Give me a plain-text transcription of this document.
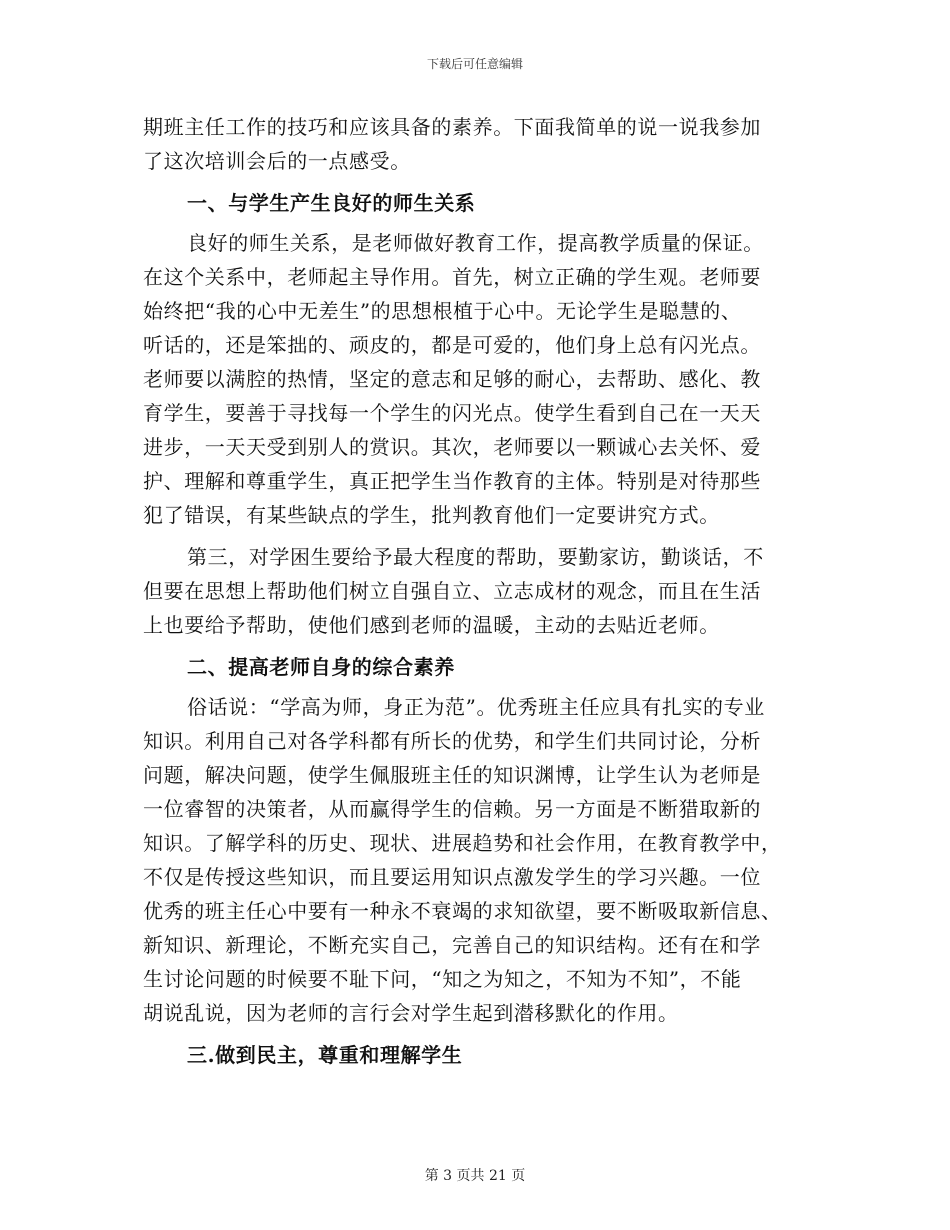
下载后可任意编辑
期班主任工作的技巧和应该具备的素养。下面我简单的说一说我参加
了这次培训会后的一点感受。
一、与学生产生良好的师生关系
良好的师生关系，是老师做好教育工作，提高教学质量的保证。
在这个关系中，老师起主导作用。首先，树立正确的学生观。老师要
始终把“我的心中无差生”的思想根植于心中。无论学生是聪慧的、
听话的，还是笨拙的、顽皮的，都是可爱的，他们身上总有闪光点。
老师要以满腔的热情，坚定的意志和足够的耐心，去帮助、感化、教
育学生，要善于寻找每一个学生的闪光点。使学生看到自己在一天天
进步，一天天受到别人的赏识。其次，老师要以一颗诚心去关怀、爱
护、理解和尊重学生，真正把学生当作教育的主体。特别是对待那些
犯了错误，有某些缺点的学生，批判教育他们一定要讲究方式。
第三，对学困生要给予最大程度的帮助，要勤家访，勤谈话，不
但要在思想上帮助他们树立自强自立、立志成材的观念，而且在生活
上也要给予帮助，使他们感到老师的温暖，主动的去贴近老师。
二、提高老师自身的综合素养
俗话说：“学高为师，身正为范”。优秀班主任应具有扎实的专业
知识。利用自己对各学科都有所长的优势，和学生们共同讨论，分析
问题，解决问题，使学生佩服班主任的知识渊博，让学生认为老师是
一位睿智的决策者，从而赢得学生的信赖。另一方面是不断猎取新的
知识。了解学科的历史、现状、进展趋势和社会作用，在教育教学中，
不仅是传授这些知识，而且要运用知识点激发学生的学习兴趣。一位
优秀的班主任心中要有一种永不衰竭的求知欲望，要不断吸取新信息、
新知识、新理论，不断充实自己，完善自己的知识结构。还有在和学
生讨论问题的时候要不耻下问，“知之为知之，不知为不知”，不能
胡说乱说，因为老师的言行会对学生起到潜移默化的作用。
三.做到民主，尊重和理解学生
第 3 页共 21 页
